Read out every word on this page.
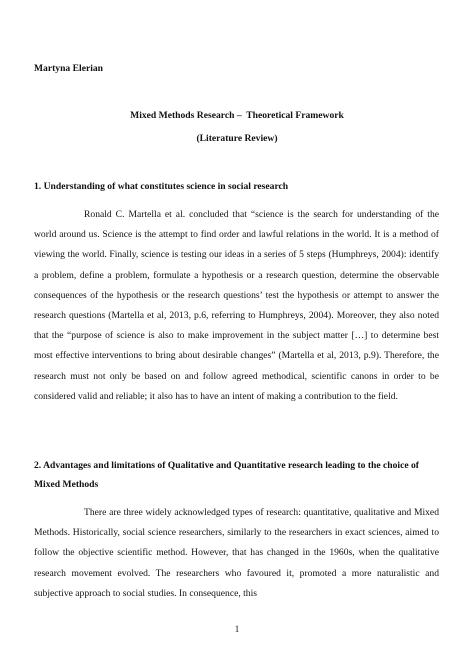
Martyna Elerian
Mixed Methods Research –  Theoretical Framework
(Literature Review)
1. Understanding of what constitutes science in social research

Ronald C. Martella et al. concluded that “science is the search for understanding of the world around us. Science is the attempt to find order and lawful relations in the world. It is a method of viewing the world. Finally, science is testing our ideas in a series of 5 steps (Humphreys, 2004): identify a problem, define a problem, formulate a hypothesis or a research question, determine the observable consequences of the hypothesis or the research questions’ test the hypothesis or attempt to answer the research questions (Martella et al, 2013, p.6, referring to Humphreys, 2004). Moreover, they also noted that the “purpose of science is also to make improvement in the subject matter […] to determine best most effective interventions to bring about desirable changes” (Martella et al, 2013, p.9). Therefore, the research must not only be based on and follow agreed methodical, scientific canons in order to be considered valid and reliable; it also has to have an intent of making a contribution to the field.

2. Advantages and limitations of Qualitative and Quantitative research leading to the choice of Mixed Methods

There are three widely acknowledged types of research: quantitative, qualitative and Mixed Methods. Historically, social science researchers, similarly to the researchers in exact sciences, aimed to follow the objective scientific method. However, that has changed in the 1960s, when the qualitative research movement evolved. The researchers who favoured it, promoted a more naturalistic and subjective approach to social studies. In consequence, this

1
